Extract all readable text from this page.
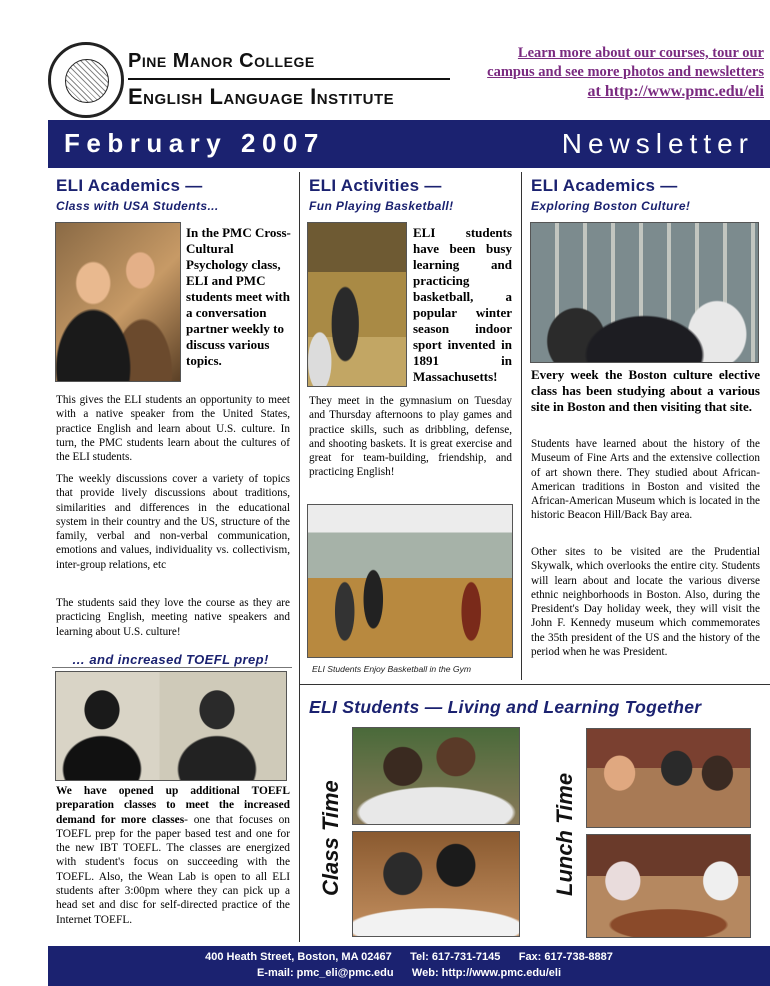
Pine Manor College
English Language Institute
Learn more about our courses, tour our
campus and see more photos and newsletters
at http://www.pmc.edu/eli
February 2007	Newsletter
ELI Academics —
Class with USA Students...
In the PMC Cross-Cultural Psychology class, ELI and PMC students meet with a conversation partner weekly to discuss various topics.
This gives the ELI students an opportunity to meet with a native speaker from the United States, practice English and learn about U.S. culture. In turn, the PMC students learn about the cultures of the ELI students.
The weekly discussions cover a variety of topics that provide lively discussions about traditions, similarities and differences in the educational system in their country and the US, structure of the family, verbal and non-verbal communication, emotions and values, individuality vs. collectivism, inter-group relations, etc
The students said they love the course as they are practicing English, meeting native speakers and learning about U.S. culture!
… and increased TOEFL prep!
We have opened up additional TOEFL preparation classes to meet the increased demand for more classes- one that focuses on TOEFL prep for the paper based test and one for the new IBT TOEFL. The classes are energized with student's focus on succeeding with the TOEFL. Also, the Wean Lab is open to all ELI students after 3:00pm where they can pick up a head set and disc for self-directed practice of the Internet TOEFL.
ELI Activities —
Fun Playing Basketball!
ELI students have been busy learning and practicing basketball, a popular winter season indoor sport invented in 1891 in Massachusetts!
They meet in the gymnasium on Tuesday and Thursday afternoons to play games and practice skills, such as dribbling, defense, and shooting baskets. It is great exercise and great for team-building, friendship, and practicing English!
ELI Students Enjoy Basketball in the Gym
ELI Academics —
Exploring Boston Culture!
Every week the Boston culture elective class has been studying about a various site in Boston and then visiting that site.
Students have learned about the history of the Museum of Fine Arts and the extensive collection of art shown there. They studied about African-American traditions in Boston and visited the African-American Museum which is located in the historic Beacon Hill/Back Bay area.
Other sites to be visited are the Prudential Skywalk, which overlooks the entire city. Students will learn about and locate the various diverse ethnic neighborhoods in Boston. Also, during the President's Day holiday week, they will visit the John F. Kennedy museum which commemorates the 35th president of the US and the history of the period when he was President.
ELI Students — Living and Learning Together
Class Time	Lunch Time
400 Heath Street, Boston, MA 02467      Tel: 617-731-7145      Fax: 617-738-8887
E-mail: pmc_eli@pmc.edu      Web: http://www.pmc.edu/eli
